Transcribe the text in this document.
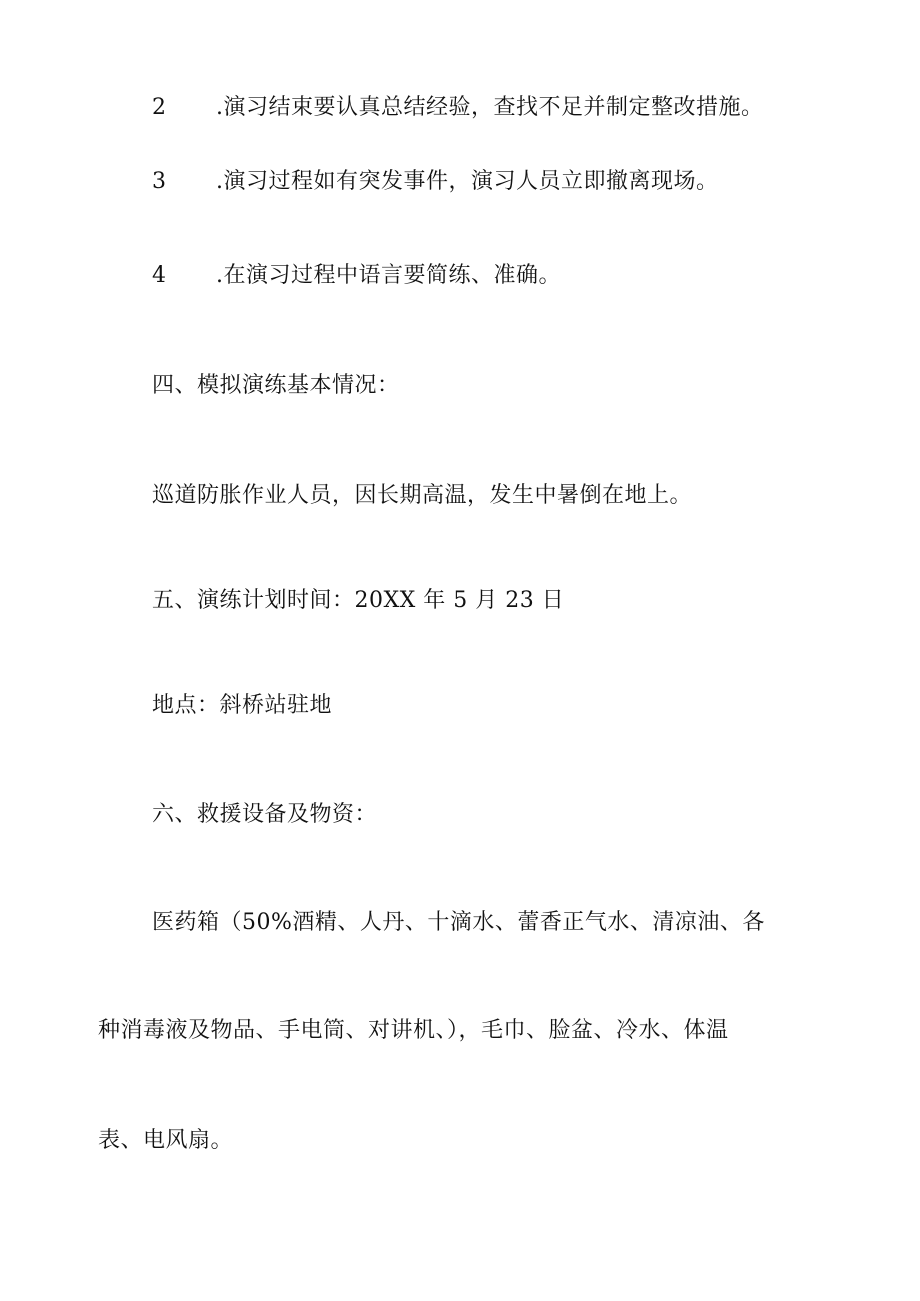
2 .演习结束要认真总结经验，查找不足并制定整改措施。
3 .演习过程如有突发事件，演习人员立即撤离现场。
4 .在演习过程中语言要简练、准确。
四、模拟演练基本情况：
巡道防胀作业人员，因长期高温，发生中暑倒在地上。
五、演练计划时间：20XX 年 5 月 23 日
地点：斜桥站驻地
六、救援设备及物资：
医药箱（50%酒精、人丹、十滴水、蕾香正气水、清凉油、各
种消毒液及物品、手电筒、对讲机、），毛巾、脸盆、冷水、体温
表、电风扇。
